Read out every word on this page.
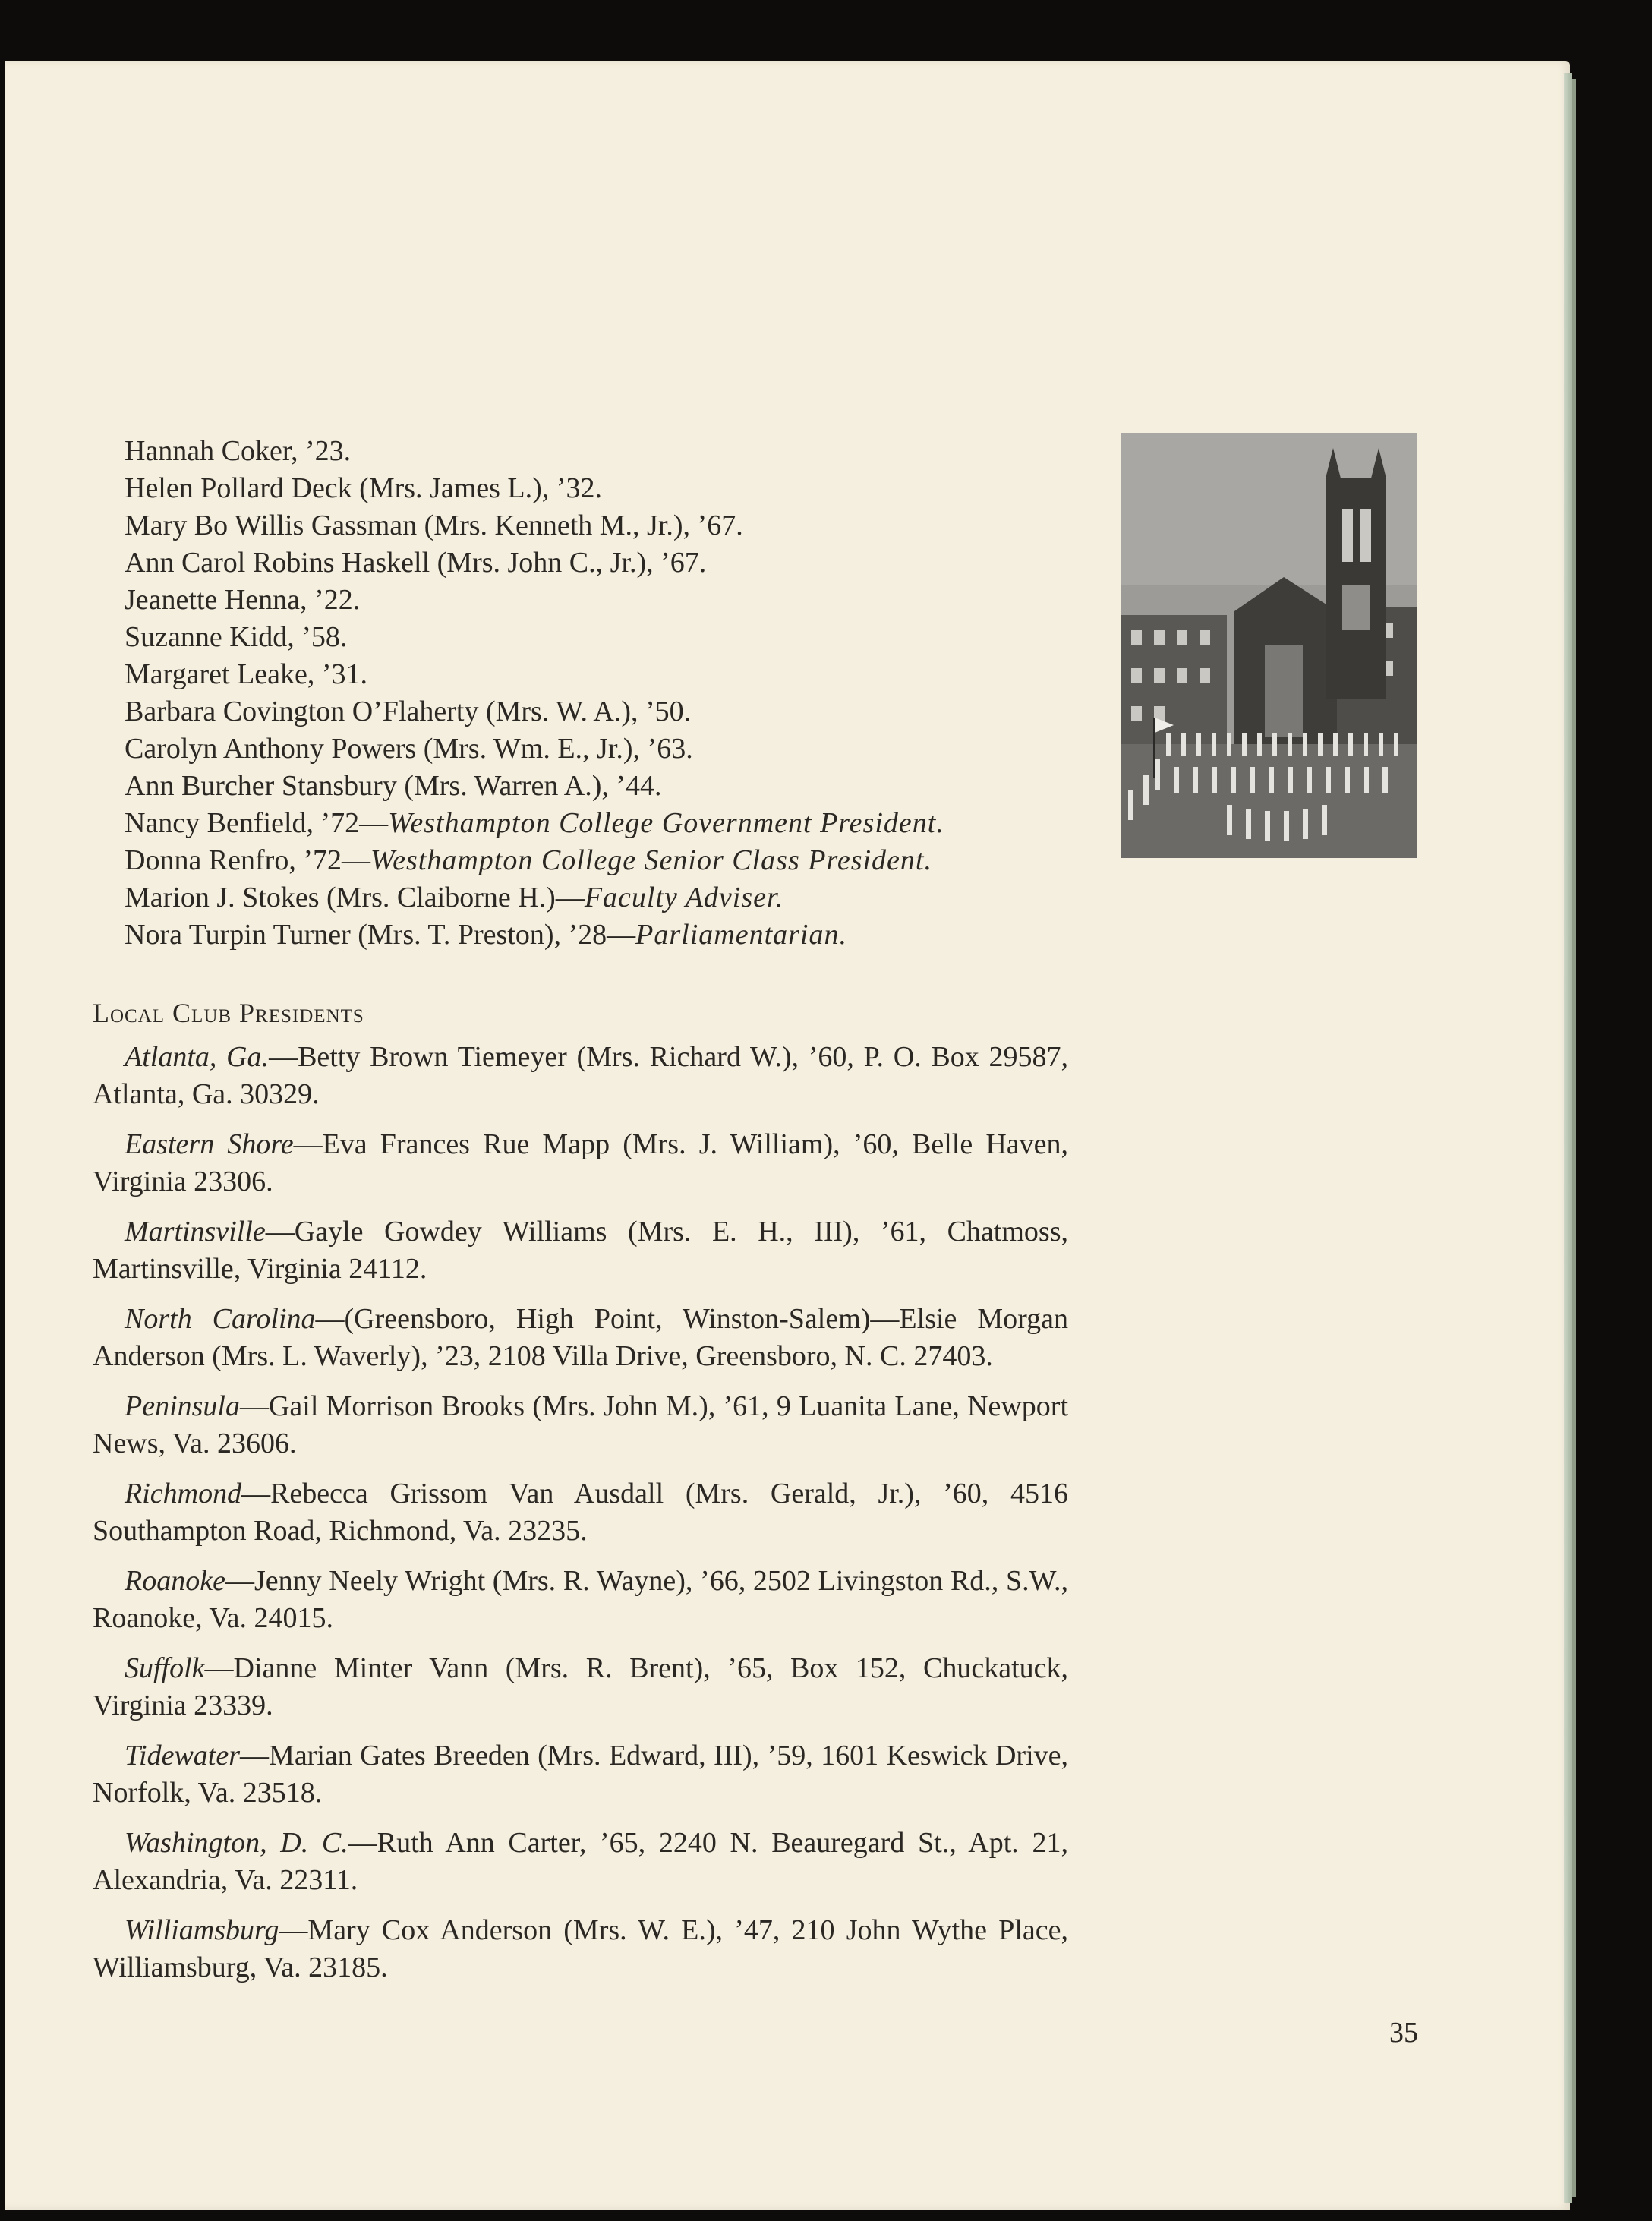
Hannah Coker, ’23.
Helen Pollard Deck (Mrs. James L.), ’32.
Mary Bo Willis Gassman (Mrs. Kenneth M., Jr.), ’67.
Ann Carol Robins Haskell (Mrs. John C., Jr.), ’67.
Jeanette Henna, ’22.
Suzanne Kidd, ’58.
Margaret Leake, ’31.
Barbara Covington O’Flaherty (Mrs. W. A.), ’50.
Carolyn Anthony Powers (Mrs. Wm. E., Jr.), ’63.
Ann Burcher Stansbury (Mrs. Warren A.), ’44.
Nancy Benfield, ’72—Westhampton College Government President.
Donna Renfro, ’72—Westhampton College Senior Class President.
Marion J. Stokes (Mrs. Claiborne H.)—Faculty Adviser.
Nora Turpin Turner (Mrs. T. Preston), ’28—Parliamentarian.
Local Club Presidents

Atlanta, Ga.—Betty Brown Tiemeyer (Mrs. Richard W.), ’60, P. O. Box 29587, Atlanta, Ga. 30329.

Eastern Shore—Eva Frances Rue Mapp (Mrs. J. William), ’60, Belle Haven, Virginia 23306.

Martinsville—Gayle Gowdey Williams (Mrs. E. H., III), ’61, Chatmoss, Martinsville, Virginia 24112.

North Carolina—(Greensboro, High Point, Winston-Salem)—Elsie Morgan Anderson (Mrs. L. Waverly), ’23, 2108 Villa Drive, Greensboro, N. C. 27403.

Peninsula—Gail Morrison Brooks (Mrs. John M.), ’61, 9 Luanita Lane, Newport News, Va. 23606.

Richmond—Rebecca Grissom Van Ausdall (Mrs. Gerald, Jr.), ’60, 4516 Southampton Road, Richmond, Va. 23235.

Roanoke—Jenny Neely Wright (Mrs. R. Wayne), ’66, 2502 Livingston Rd., S.W., Roanoke, Va. 24015.

Suffolk—Dianne Minter Vann (Mrs. R. Brent), ’65, Box 152, Chuckatuck, Virginia 23339.

Tidewater—Marian Gates Breeden (Mrs. Edward, III), ’59, 1601 Keswick Drive, Norfolk, Va. 23518.

Washington, D. C.—Ruth Ann Carter, ’65, 2240 N. Beauregard St., Apt. 21, Alexandria, Va. 22311.

Williamsburg—Mary Cox Anderson (Mrs. W. E.), ’47, 210 John Wythe Place, Williamsburg, Va. 23185.

35
